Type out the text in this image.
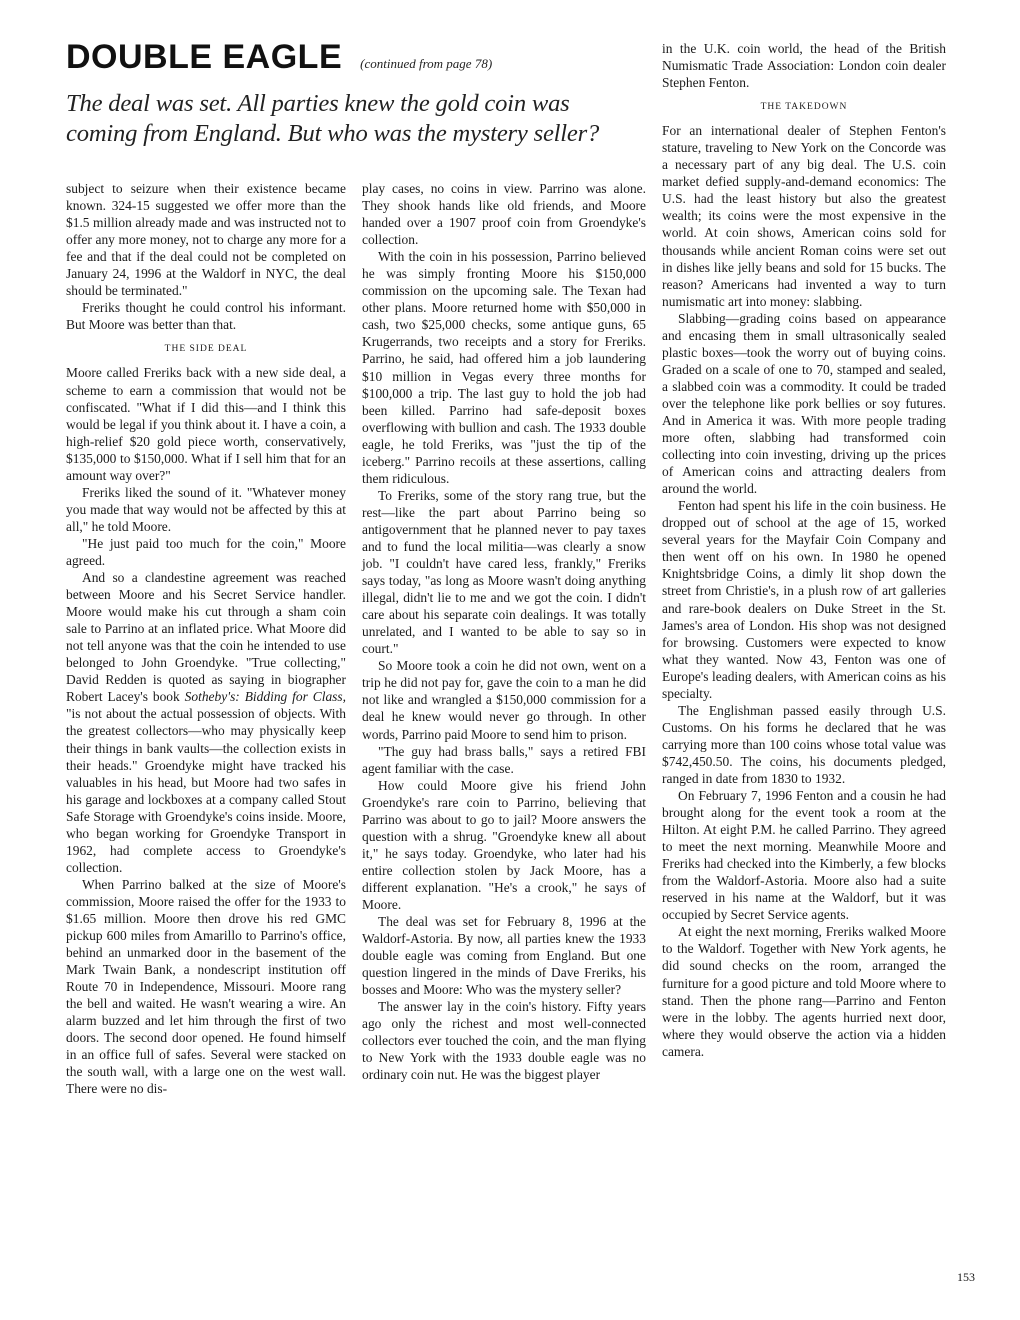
DOUBLE EAGLE (continued from page 78)
The deal was set. All parties knew the gold coin was coming from England. But who was the mystery seller?

subject to seizure when their existence became known. 324-15 suggested we offer more than the $1.5 million already made and was instructed not to offer any more money, not to charge any more for a fee and that if the deal could not be completed on January 24, 1996 at the Waldorf in NYC, the deal should be terminated."

Freriks thought he could control his informant. But Moore was better than that.

THE SIDE DEAL

Moore called Freriks back with a new side deal, a scheme to earn a commission that would not be confiscated. "What if I did this—and I think this would be legal if you think about it. I have a coin, a high-relief $20 gold piece worth, conservatively, $135,000 to $150,000. What if I sell him that for an amount way over?"

Freriks liked the sound of it. "Whatever money you made that way would not be affected by this at all," he told Moore.

"He just paid too much for the coin," Moore agreed.

And so a clandestine agreement was reached between Moore and his Secret Service handler. Moore would make his cut through a sham coin sale to Parrino at an inflated price. What Moore did not tell anyone was that the coin he intended to use belonged to John Groendyke. "True collecting," David Redden is quoted as saying in biographer Robert Lacey's book Sotheby's: Bidding for Class, "is not about the actual possession of objects. With the greatest collectors—who may physically keep their things in bank vaults—the collection exists in their heads." Groendyke might have tracked his valuables in his head, but Moore had two safes in his garage and lockboxes at a company called Stout Safe Storage with Groendyke's coins inside. Moore, who began working for Groendyke Transport in 1962, had complete access to Groendyke's collection.

When Parrino balked at the size of Moore's commission, Moore raised the offer for the 1933 to $1.65 million. Moore then drove his red GMC pickup 600 miles from Amarillo to Parrino's office, behind an unmarked door in the basement of the Mark Twain Bank, a nondescript institution off Route 70 in Independence, Missouri. Moore rang the bell and waited. He wasn't wearing a wire. An alarm buzzed and let him through the first of two doors. The second door opened. He found himself in an office full of safes. Several were stacked on the south wall, with a large one on the west wall. There were no dis-

play cases, no coins in view. Parrino was alone. They shook hands like old friends, and Moore handed over a 1907 proof coin from Groendyke's collection.

With the coin in his possession, Parrino believed he was simply fronting Moore his $150,000 commission on the upcoming sale. The Texan had other plans. Moore returned home with $50,000 in cash, two $25,000 checks, some antique guns, 65 Krugerrands, two receipts and a story for Freriks. Parrino, he said, had offered him a job laundering $10 million in Vegas every three months for $100,000 a trip. The last guy to hold the job had been killed. Parrino had safe-deposit boxes overflowing with bullion and cash. The 1933 double eagle, he told Freriks, was "just the tip of the iceberg." Parrino recoils at these assertions, calling them ridiculous.

To Freriks, some of the story rang true, but the rest—like the part about Parrino being so antigovernment that he planned never to pay taxes and to fund the local militia—was clearly a snow job. "I couldn't have cared less, frankly," Freriks says today, "as long as Moore wasn't doing anything illegal, didn't lie to me and we got the coin. I didn't care about his separate coin dealings. It was totally unrelated, and I wanted to be able to say so in court."

So Moore took a coin he did not own, went on a trip he did not pay for, gave the coin to a man he did not like and wrangled a $150,000 commission for a deal he knew would never go through. In other words, Parrino paid Moore to send him to prison.

"The guy had brass balls," says a retired FBI agent familiar with the case.

How could Moore give his friend John Groendyke's rare coin to Parrino, believing that Parrino was about to go to jail? Moore answers the question with a shrug. "Groendyke knew all about it," he says today. Groendyke, who later had his entire collection stolen by Jack Moore, has a different explanation. "He's a crook," he says of Moore.

The deal was set for February 8, 1996 at the Waldorf-Astoria. By now, all parties knew the 1933 double eagle was coming from England. But one question lingered in the minds of Dave Freriks, his bosses and Moore: Who was the mystery seller?

The answer lay in the coin's history. Fifty years ago only the richest and most well-connected collectors ever touched the coin, and the man flying to New York with the 1933 double eagle was no ordinary coin nut. He was the biggest player

in the U.K. coin world, the head of the British Numismatic Trade Association: London coin dealer Stephen Fenton.

THE TAKEDOWN

For an international dealer of Stephen Fenton's stature, traveling to New York on the Concorde was a necessary part of any big deal. The U.S. coin market defied supply-and-demand economics: The U.S. had the least history but also the greatest wealth; its coins were the most expensive in the world. At coin shows, American coins sold for thousands while ancient Roman coins were set out in dishes like jelly beans and sold for 15 bucks. The reason? Americans had invented a way to turn numismatic art into money: slabbing.

Slabbing—grading coins based on appearance and encasing them in small ultrasonically sealed plastic boxes—took the worry out of buying coins. Graded on a scale of one to 70, stamped and sealed, a slabbed coin was a commodity. It could be traded over the telephone like pork bellies or soy futures. And in America it was. With more people trading more often, slabbing had transformed coin collecting into coin investing, driving up the prices of American coins and attracting dealers from around the world.

Fenton had spent his life in the coin business. He dropped out of school at the age of 15, worked several years for the Mayfair Coin Company and then went off on his own. In 1980 he opened Knightsbridge Coins, a dimly lit shop down the street from Christie's, in a plush row of art galleries and rare-book dealers on Duke Street in the St. James's area of London. His shop was not designed for browsing. Customers were expected to know what they wanted. Now 43, Fenton was one of Europe's leading dealers, with American coins as his specialty.

The Englishman passed easily through U.S. Customs. On his forms he declared that he was carrying more than 100 coins whose total value was $742,450.50. The coins, his documents pledged, ranged in date from 1830 to 1932.

On February 7, 1996 Fenton and a cousin he had brought along for the event took a room at the Hilton. At eight P.M. he called Parrino. They agreed to meet the next morning. Meanwhile Moore and Freriks had checked into the Kimberly, a few blocks from the Waldorf-Astoria. Moore also had a suite reserved in his name at the Waldorf, but it was occupied by Secret Service agents.

At eight the next morning, Freriks walked Moore to the Waldorf. Together with New York agents, he did sound checks on the room, arranged the furniture for a good picture and told Moore where to stand. Then the phone rang—Parrino and Fenton were in the lobby. The agents hurried next door, where they would observe the action via a hidden camera.

153
